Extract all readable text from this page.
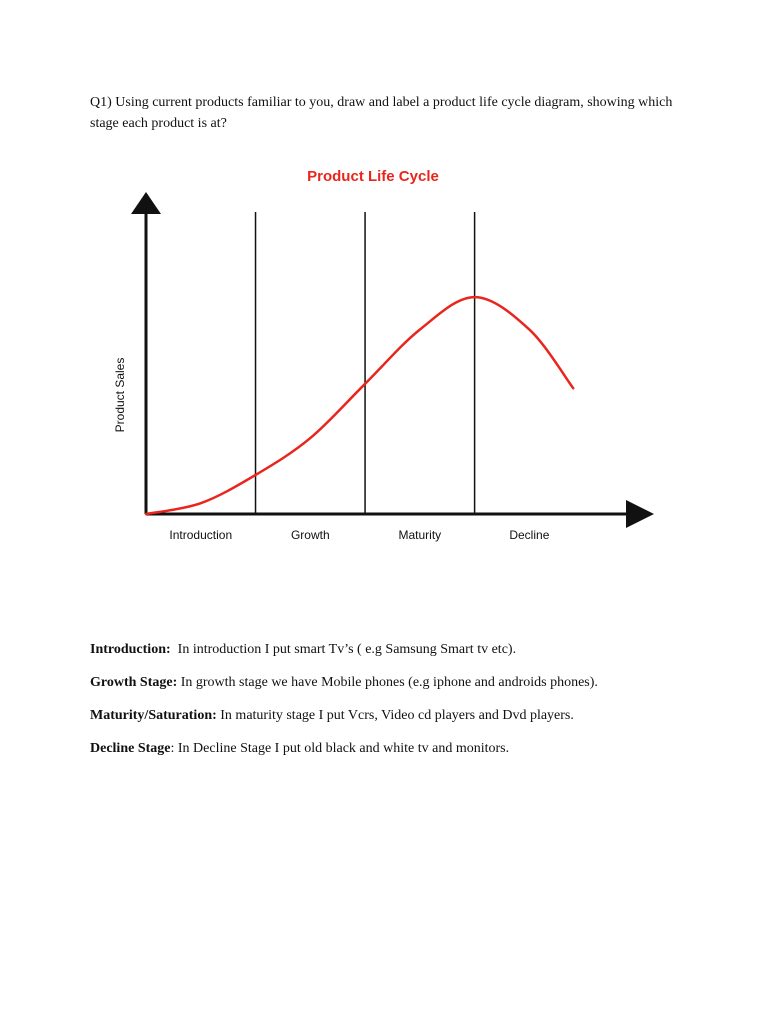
Q1) Using current products familiar to you, draw and label a product life cycle diagram, showing which stage each product is at?
Product Life Cycle
Product Sales
Introduction	Growth	Maturity	Decline
Introduction: In introduction I put smart Tv’s ( e.g Samsung Smart tv etc).
Growth Stage: In growth stage we have Mobile phones (e.g iphone and androids phones).
Maturity/Saturation: In maturity stage I put Vcrs, Video cd players and Dvd players.
Decline Stage: In Decline Stage I put old black and white tv and monitors.
